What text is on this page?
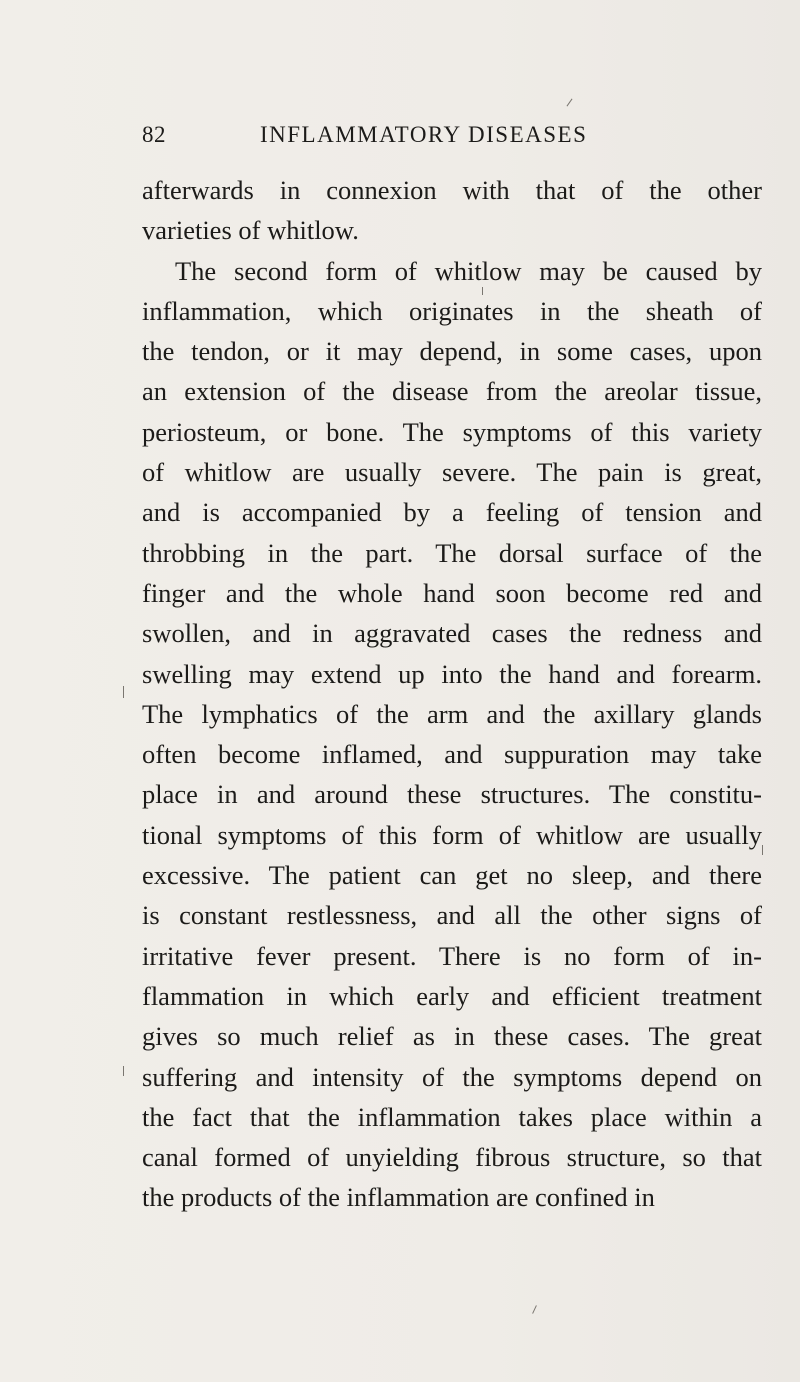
82	INFLAMMATORY DISEASES
afterwards in connexion with that of the other
varieties of whitlow.
The second form of whitlow may be caused by
inflammation, which originates in the sheath of
the tendon, or it may depend, in some cases, upon
an extension of the disease from the areolar tissue,
periosteum, or bone. The symptoms of this variety
of whitlow are usually severe. The pain is great,
and is accompanied by a feeling of tension and
throbbing in the part. The dorsal surface of the
finger and the whole hand soon become red and
swollen, and in aggravated cases the redness and
swelling may extend up into the hand and forearm.
The lymphatics of the arm and the axillary glands
often become inflamed, and suppuration may take
place in and around these structures. The constitu-
tional symptoms of this form of whitlow are usually
excessive. The patient can get no sleep, and there
is constant restlessness, and all the other signs of
irritative fever present. There is no form of in-
flammation in which early and efficient treatment
gives so much relief as in these cases. The great
suffering and intensity of the symptoms depend on
the fact that the inflammation takes place within a
canal formed of unyielding fibrous structure, so that
the products of the inflammation are confined in
